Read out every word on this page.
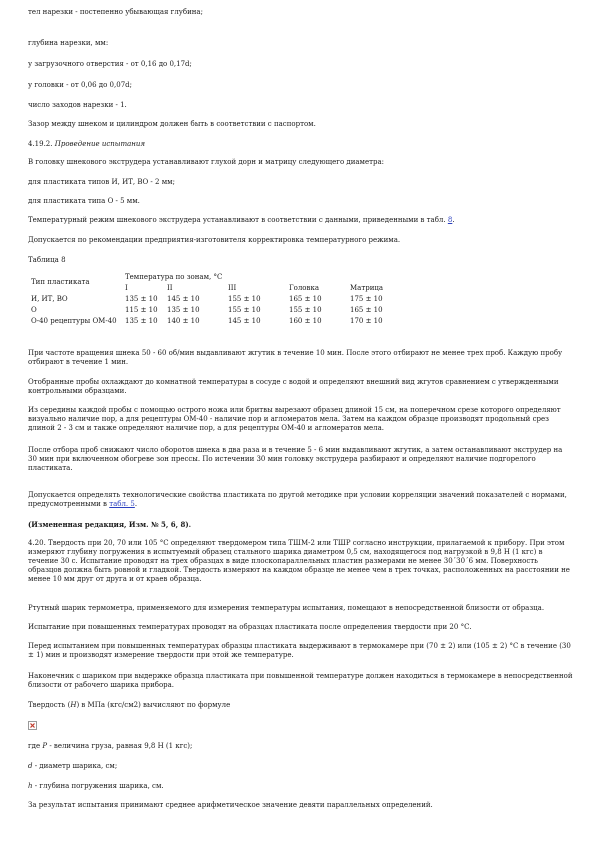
тел нарезки - постепенно убывающая глубина;

глубина нарезки, мм:

у загрузочного отверстия - от 0,16 до 0,17d;

у головки - от 0,06 до 0,07d;

число заходов нарезки - 1.

Зазор между шнеком и цилиндром должен быть в соответствии с паспортом.

4.19.2. Проведение испытания

В головку шнекового экструдера устанавливают глухой дорн и матрицу следующего диаметра:

для пластиката типов И, ИТ, ВО - 2 мм;

для пластиката типа О - 5 мм.

Температурный режим шнекового экструдера устанавливают в соответствии с данными, приведенными в табл. 8.

Допускается по рекомендации предприятия-изготовителя корректировка температурного режима.

Таблица 8

Тип пластиката	Температура по зонам, °С				
	I	II	III	Головка	Матрица
И, ИТ, ВО	135 ± 10	145 ± 10	155 ± 10	165 ± 10	175 ± 10
О	115 ± 10	135 ± 10	155 ± 10	155 ± 10	165 ± 10
О-40 рецептуры ОМ-40	135 ± 10	140 ± 10	145 ± 10	160 ± 10	170 ± 10

При частоте вращения шнека 50 - 60 об/мин выдавливают жгутик в течение 10 мин. После этого отбирают не менее трех проб. Каждую пробу отбирают в течение 1 мин.

Отобранные пробы охлаждают до комнатной температуры в сосуде с водой и определяют внешний вид жгутов сравнением с утвержденными контрольными образцами.

Из середины каждой пробы с помощью острого ножа или бритвы вырезают образец длиной 15 см, на поперечном срезе которого определяют визуально наличие пор, а для рецептуры ОМ-40 - наличие пор и агломератов мела. Затем на каждом образце производят продольный срез длиной 2 - 3 см и также определяют наличие пор, а для рецептуры ОМ-40 и агломератов мела.

После отбора проб снижают число оборотов шнека в два раза и в течение 5 - 6 мин выдавливают жгутик, а затем останавливают экструдер на 30 мин при включенном обогреве зон прессы. По истечении 30 мин головку экструдера разбирают и определяют наличие подгорелого пластиката.

Допускается определять технологические свойства пластиката по другой методике при условии корреляции значений показателей с нормами, предусмотренными в табл. 5.

(Измененная редакция, Изм. № 5, 6, 8).

4.20. Твердость при 20, 70 или 105 °С определяют твердомером типа ТШМ-2 или ТШР согласно инструкции, прилагаемой к прибору. При этом измеряют глубину погружения в испытуемый образец стального шарика диаметром 0,5 см, находящегося под нагрузкой в 9,8 Н (1 кгс) в течение 30 с. Испытание проводят на трех образцах в виде плоскопараллельных пластин размерами не менее 30´30´6 мм. Поверхность образцов должна быть ровной и гладкой. Твердость измеряют на каждом образце не менее чем в трех точках, расположенных на расстоянии не менее 10 мм друг от друга и от краев образца.

Ртутный шарик термометра, применяемого для измерения температуры испытания, помещают в непосредственной близости от образца.

Испытание при повышенных температурах проводят на образцах пластиката после определения твердости при 20 °С.

Перед испытанием при повышенных температурах образцы пластиката выдерживают в термокамере при (70 ± 2) или (105 ± 2) °С в течение (30 ± 1) мин и производят измерение твердости при этой же температуре.

Наконечник с шариком при выдержке образца пластиката при повышенной температуре должен находиться в термокамере в непосредственной близости от рабочего шарика прибора.

Твердость (H) в МПа (кгс/см2) вычисляют по формуле

где P - величина груза, равная 9,8 Н (1 кгс);

d - диаметр шарика, см;

h - глубина погружения шарика, см.

За результат испытания принимают среднее арифметическое значение девяти параллельных определений.
